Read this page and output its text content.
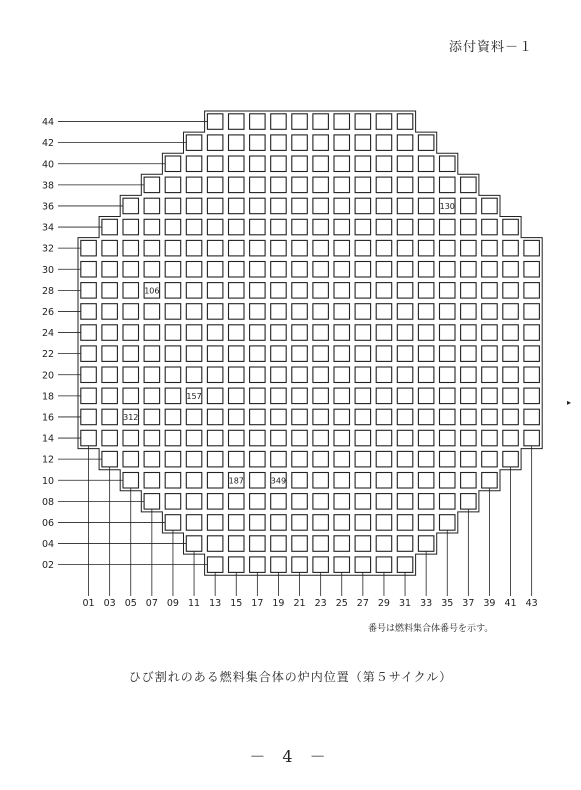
添付資料－１
130
106
157
312
187	349
44
42
40
38
36
34
32
30
28
26
24
22
20
18
16
14
12
10
08
06
04
02
01 03 05 07 09 11 13 15 17 19 21 23 25 27 29 31 33 35 37 39 41 43
番号は燃料集合体番号を示す。
ひび割れのある燃料集合体の炉内位置（第５サイクル）
－ 4 －
▸
